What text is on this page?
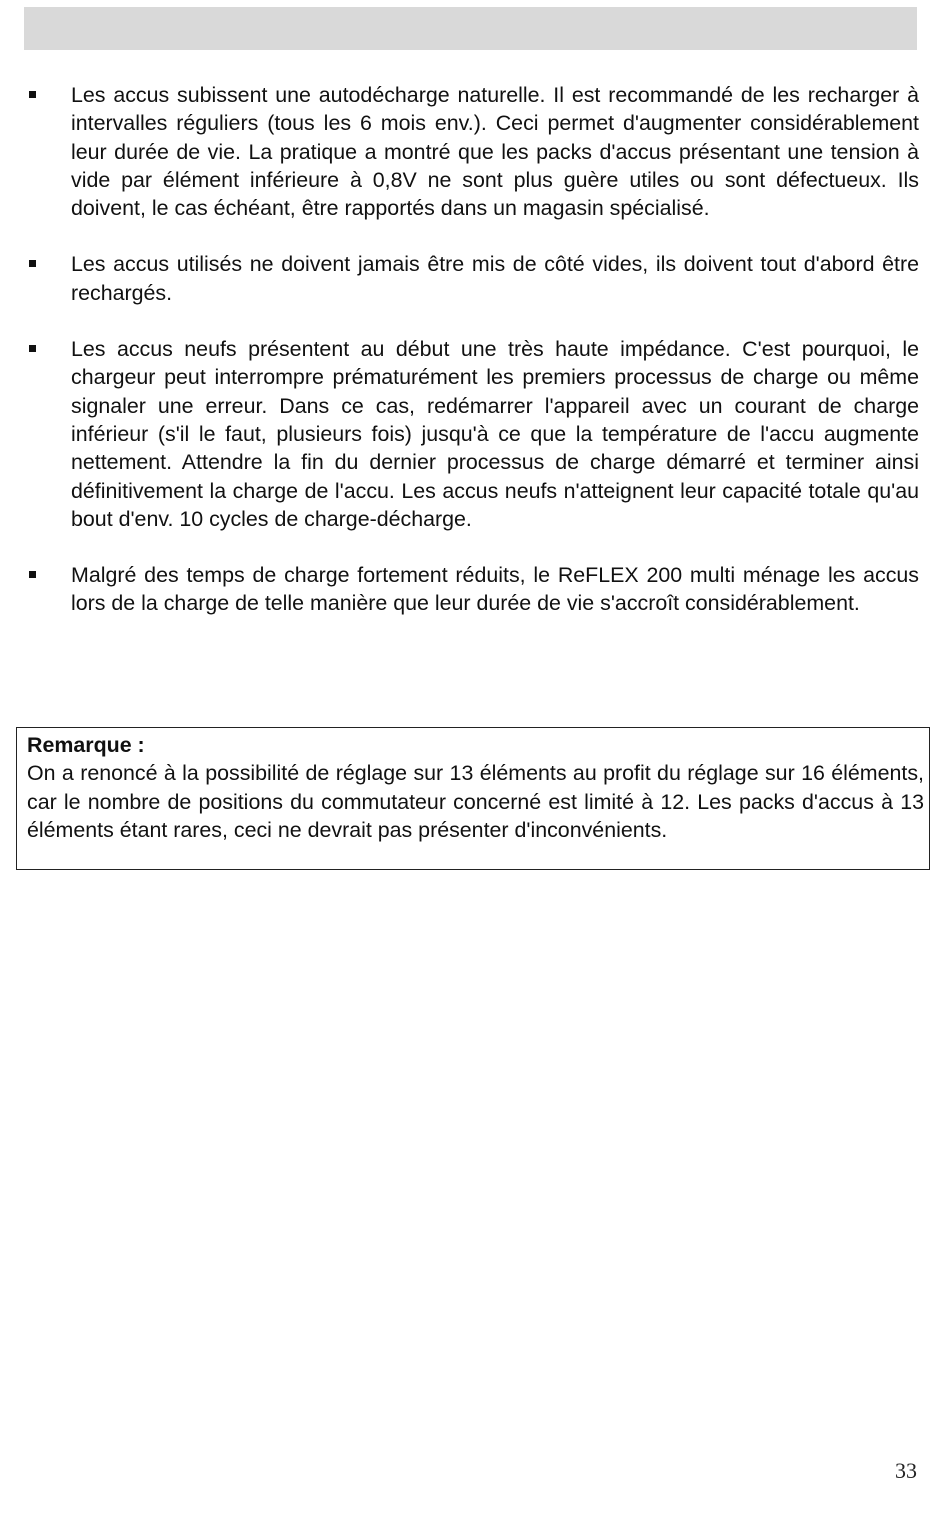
Les accus subissent une autodécharge naturelle. Il est recommandé de les recharger à intervalles réguliers (tous les 6 mois env.). Ceci permet d'augmenter considérablement leur durée de vie. La pratique a montré que les packs d'accus présentant une tension à vide par élément inférieure à 0,8V ne sont plus guère utiles ou sont défectueux. Ils doivent, le cas échéant, être rapportés dans un magasin spécialisé.
Les accus utilisés ne doivent jamais être mis de côté vides, ils doivent tout d'abord être rechargés.
Les accus neufs présentent au début une très haute impédance. C'est pourquoi, le chargeur peut interrompre prématurément les premiers processus de charge ou même signaler une erreur. Dans ce cas, redémarrer l'appareil avec un courant de charge inférieur (s'il le faut, plusieurs fois) jusqu'à ce que la température de l'accu augmente nettement. Attendre la fin du dernier processus de charge démarré et terminer ainsi définitivement la charge de l'accu. Les accus neufs n'atteignent leur capacité totale qu'au bout d'env. 10 cycles de charge-décharge.
Malgré des temps de charge fortement réduits, le ReFLEX 200 multi ménage les accus lors de la charge de telle manière que leur durée de vie s'accroît considérablement.

Remarque :

On a renoncé à la possibilité de réglage sur 13 éléments au profit du réglage sur 16 éléments, car le nombre de positions du commutateur concerné est limité à 12. Les packs d'accus à 13 éléments étant rares, ceci ne devrait pas présenter d'inconvénients.

33
